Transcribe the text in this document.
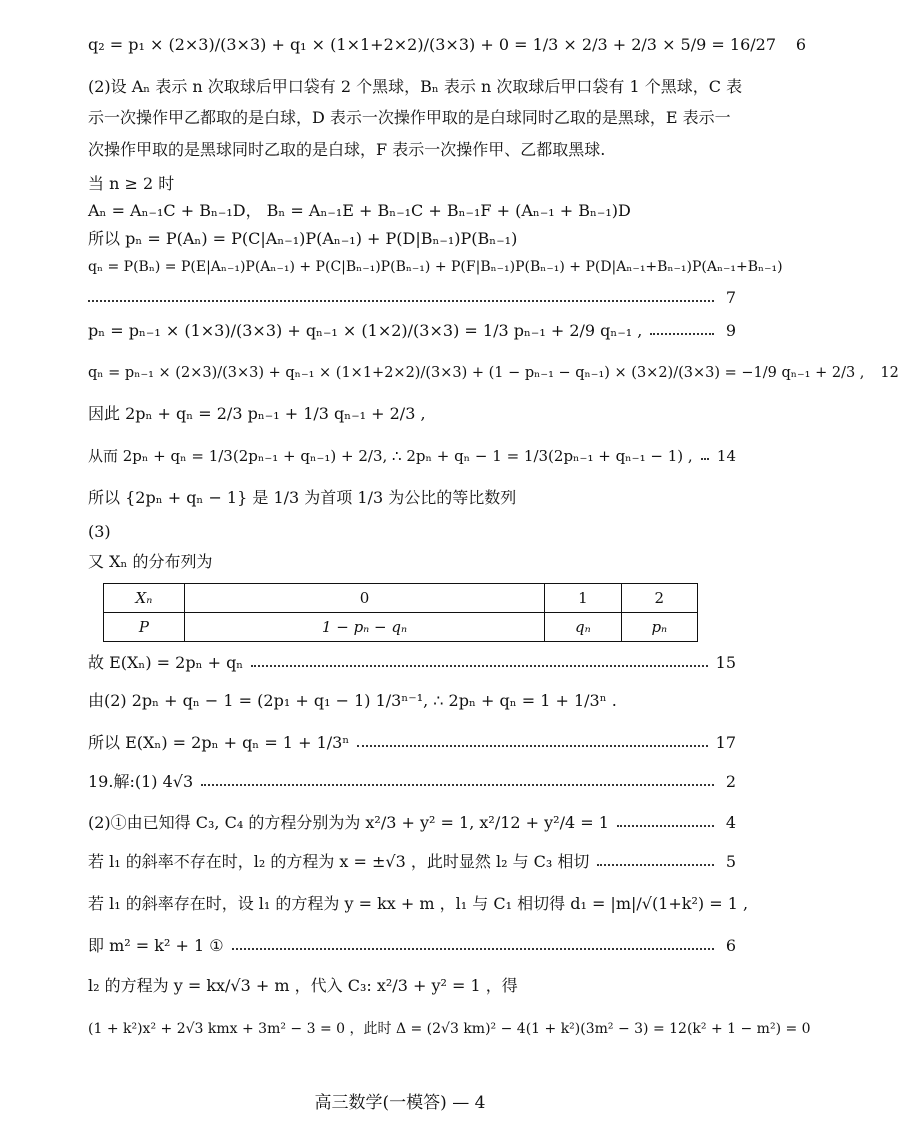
q₂ = p₁ × (2×3)/(3×3) + q₁ × (1×1+2×2)/(3×3) + 0 = 1/3 × 2/3 + 2/3 × 5/9 = 16/27 6
(2)设 Aₙ 表示 n 次取球后甲口袋有 2 个黑球，Bₙ 表示 n 次取球后甲口袋有 1 个黑球，C 表
示一次操作甲乙都取的是白球，D 表示一次操作甲取的是白球同时乙取的是黑球，E 表示一
次操作甲取的是黑球同时乙取的是白球，F 表示一次操作甲、乙都取黑球.
当 n ≥ 2 时
Aₙ = Aₙ₋₁C + Bₙ₋₁D， Bₙ = Aₙ₋₁E + Bₙ₋₁C + Bₙ₋₁F + (Aₙ₋₁ + Bₙ₋₁)D
所以 pₙ = P(Aₙ) = P(C|Aₙ₋₁)P(Aₙ₋₁) + P(D|Bₙ₋₁)P(Bₙ₋₁)
qₙ = P(Bₙ) = P(E|Aₙ₋₁)P(Aₙ₋₁) + P(C|Bₙ₋₁)P(Bₙ₋₁) + P(F|Bₙ₋₁)P(Bₙ₋₁) + P(D|Aₙ₋₁+Bₙ₋₁)P(Aₙ₋₁+Bₙ₋₁)
7
pₙ = pₙ₋₁ × (1×3)/(3×3) + qₙ₋₁ × (1×2)/(3×3) = 1/3 pₙ₋₁ + 2/9 qₙ₋₁ ,	9
qₙ = pₙ₋₁ × (2×3)/(3×3) + qₙ₋₁ × (1×1+2×2)/(3×3) + (1 − pₙ₋₁ − qₙ₋₁) × (3×2)/(3×3) = −1/9 qₙ₋₁ + 2/3 , 12
因此 2pₙ + qₙ = 2/3 pₙ₋₁ + 1/3 qₙ₋₁ + 2/3 ,
从而 2pₙ + qₙ = 1/3(2pₙ₋₁ + qₙ₋₁) + 2/3, ∴ 2pₙ + qₙ − 1 = 1/3(2pₙ₋₁ + qₙ₋₁ − 1) , 14
所以 {2pₙ + qₙ − 1} 是 1/3 为首项 1/3 为公比的等比数列
(3)
又 Xₙ 的分布列为
Xₙ	0	1	2
P	1 − pₙ − qₙ	qₙ	pₙ
故 E(Xₙ) = 2pₙ + qₙ	15
由(2) 2pₙ + qₙ − 1 = (2p₁ + q₁ − 1) 1/3ⁿ⁻¹, ∴ 2pₙ + qₙ = 1 + 1/3ⁿ .
所以 E(Xₙ) = 2pₙ + qₙ = 1 + 1/3ⁿ	17
19.解:(1) 4√3	2
(2)①由已知得 C₃, C₄ 的方程分别为为 x²/3 + y² = 1, x²/12 + y²/4 = 1	4
若 l₁ 的斜率不存在时，l₂ 的方程为 x = ±√3 ，此时显然 l₂ 与 C₃ 相切	5
若 l₁ 的斜率存在时，设 l₁ 的方程为 y = kx + m ，l₁ 与 C₁ 相切得 d₁ = |m|/√(1+k²) = 1 ,
即 m² = k² + 1 ①	6
l₂ 的方程为 y = kx/√3 + m ，代入 C₃: x²/3 + y² = 1 ，得
(1 + k²)x² + 2√3 kmx + 3m² − 3 = 0 ，此时 Δ = (2√3 km)² − 4(1 + k²)(3m² − 3) = 12(k² + 1 − m²) = 0
高三数学(一模答) — 4
